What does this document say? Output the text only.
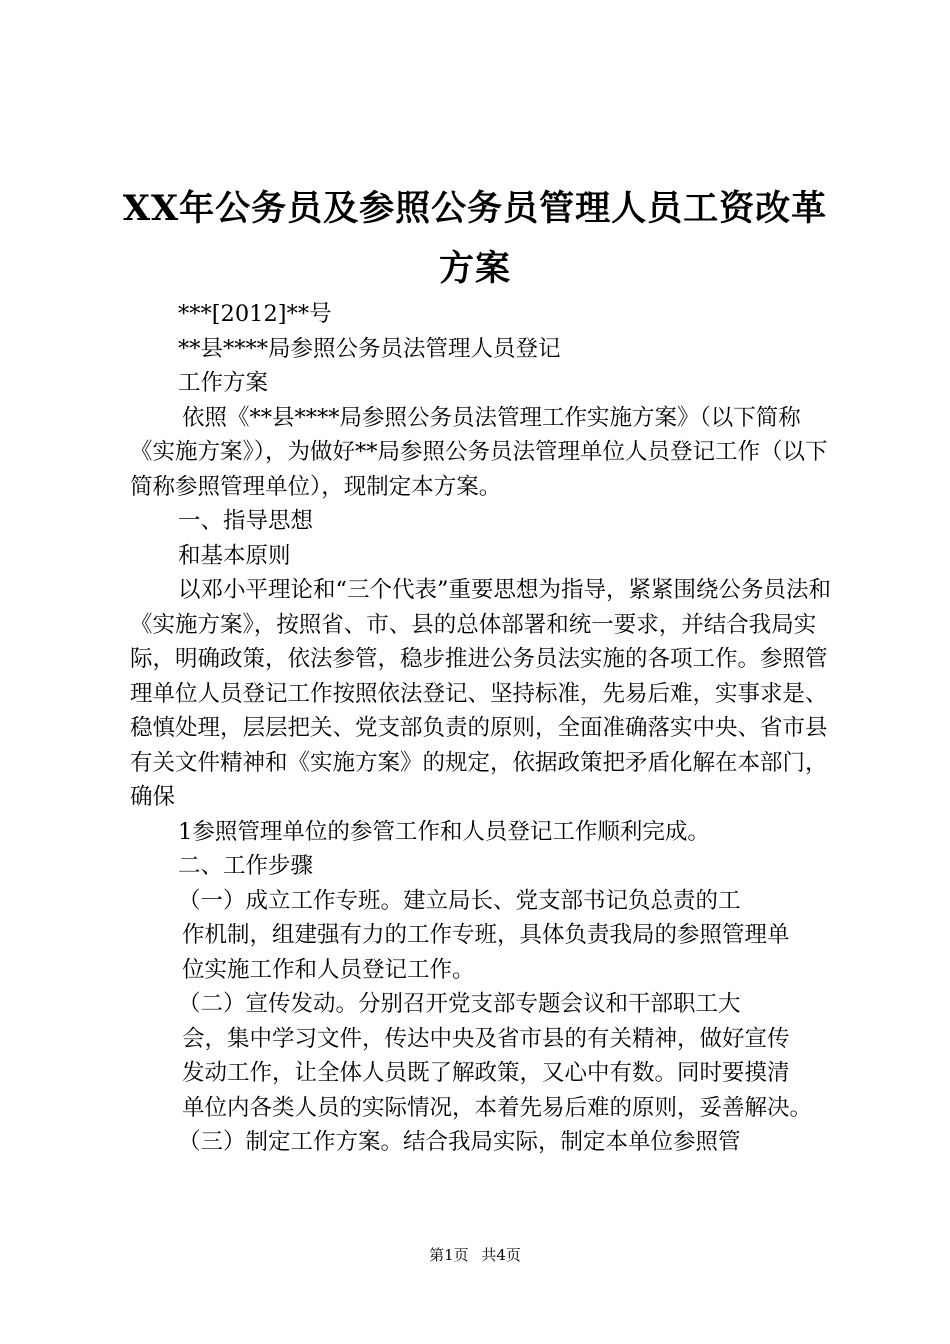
XX年公务员及参照公务员管理人员工资改革
方案

***[2012]**号

**县****局参照公务员法管理人员登记

工作方案

依照《**县****局参照公务员法管理工作实施方案》（以下简称《实施方案》），为做好**局参照公务员法管理单位人员登记工作（以下简称参照管理单位），现制定本方案。

一、指导思想

和基本原则

以邓小平理论和“三个代表”重要思想为指导，紧紧围绕公务员法和《实施方案》，按照省、市、县的总体部署和统一要求，并结合我局实际，明确政策，依法参管，稳步推进公务员法实施的各项工作。参照管理单位人员登记工作按照依法登记、坚持标准，先易后难，实事求是、稳慎处理，层层把关、党支部负责的原则，全面准确落实中央、省市县有关文件精神和《实施方案》的规定，依据政策把矛盾化解在本部门，确保

1参照管理单位的参管工作和人员登记工作顺利完成。

二、工作步骤

（一）成立工作专班。建立局长、党支部书记负总责的工

作机制，组建强有力的工作专班，具体负责我局的参照管理单

位实施工作和人员登记工作。

（二）宣传发动。分别召开党支部专题会议和干部职工大

会，集中学习文件，传达中央及省市县的有关精神，做好宣传

发动工作，让全体人员既了解政策，又心中有数。同时要摸清

单位内各类人员的实际情况，本着先易后难的原则，妥善解决。

（三）制定工作方案。结合我局实际，制定本单位参照管

第1页 共4页
